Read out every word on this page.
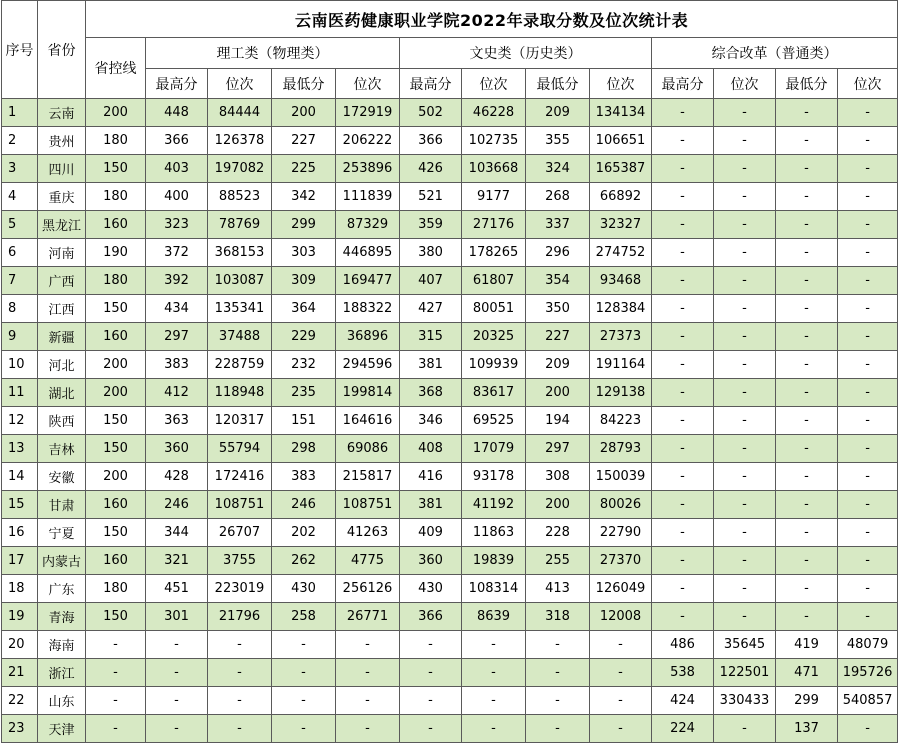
序号	省份	云南医药健康职业学院2022年录取分数及位次统计表												
		省控线	理工类（物理类）				文史类（历史类）				综合改革（普通类）			
			最高分	位次	最低分	位次	最高分	位次	最低分	位次	最高分	位次	最低分	位次
1	云南	200	448	84444	200	172919	502	46228	209	134134	-	-	-	-
2	贵州	180	366	126378	227	206222	366	102735	355	106651	-	-	-	-
3	四川	150	403	197082	225	253896	426	103668	324	165387	-	-	-	-
4	重庆	180	400	88523	342	111839	521	9177	268	66892	-	-	-	-
5	黑龙江	160	323	78769	299	87329	359	27176	337	32327	-	-	-	-
6	河南	190	372	368153	303	446895	380	178265	296	274752	-	-	-	-
7	广西	180	392	103087	309	169477	407	61807	354	93468	-	-	-	-
8	江西	150	434	135341	364	188322	427	80051	350	128384	-	-	-	-
9	新疆	160	297	37488	229	36896	315	20325	227	27373	-	-	-	-
10	河北	200	383	228759	232	294596	381	109939	209	191164	-	-	-	-
11	湖北	200	412	118948	235	199814	368	83617	200	129138	-	-	-	-
12	陕西	150	363	120317	151	164616	346	69525	194	84223	-	-	-	-
13	吉林	150	360	55794	298	69086	408	17079	297	28793	-	-	-	-
14	安徽	200	428	172416	383	215817	416	93178	308	150039	-	-	-	-
15	甘肃	160	246	108751	246	108751	381	41192	200	80026	-	-	-	-
16	宁夏	150	344	26707	202	41263	409	11863	228	22790	-	-	-	-
17	内蒙古	160	321	3755	262	4775	360	19839	255	27370	-	-	-	-
18	广东	180	451	223019	430	256126	430	108314	413	126049	-	-	-	-
19	青海	150	301	21796	258	26771	366	8639	318	12008	-	-	-	-
20	海南	-	-	-	-	-	-	-	-	-	486	35645	419	48079
21	浙江	-	-	-	-	-	-	-	-	-	538	122501	471	195726
22	山东	-	-	-	-	-	-	-	-	-	424	330433	299	540857
23	天津	-	-	-	-	-	-	-	-	-	224	-	137	-
